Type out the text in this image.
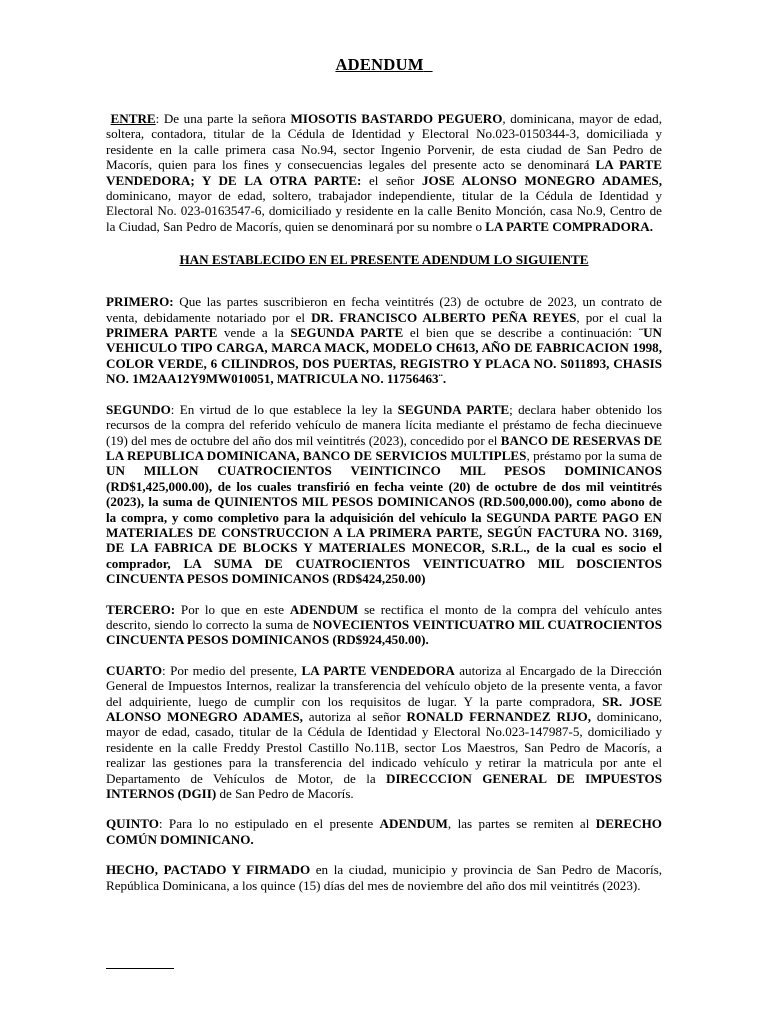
ADENDUM

ENTRE: De una parte la señora MIOSOTIS BASTARDO PEGUERO, dominicana, mayor de edad, soltera, contadora, titular de la Cédula de Identidad y Electoral No.023-0150344-3, domiciliada y residente en la calle primera casa No.94, sector Ingenio Porvenir, de esta ciudad de San Pedro de Macorís, quien para los fines y consecuencias legales del presente acto se denominará LA PARTE VENDEDORA; Y DE LA OTRA PARTE: el señor JOSE ALONSO MONEGRO ADAMES, dominicano, mayor de edad, soltero, trabajador independiente, titular de la Cédula de Identidad y Electoral No. 023-0163547-6, domiciliado y residente en la calle Benito Monción, casa No.9, Centro de la Ciudad, San Pedro de Macorís, quien se denominará por su nombre o LA PARTE COMPRADORA.

HAN ESTABLECIDO EN EL PRESENTE ADENDUM LO SIGUIENTE

PRIMERO: Que las partes suscribieron en fecha veintitrés (23) de octubre de 2023, un contrato de venta, debidamente notariado por el DR. FRANCISCO ALBERTO PEÑA REYES, por el cual la PRIMERA PARTE vende a la SEGUNDA PARTE el bien que se describe a continuación: ¨UN VEHICULO TIPO CARGA, MARCA MACK, MODELO CH613, AÑO DE FABRICACION 1998, COLOR VERDE, 6 CILINDROS, DOS PUERTAS, REGISTRO Y PLACA NO. S011893, CHASIS NO. 1M2AA12Y9MW010051, MATRICULA NO. 11756463¨.

SEGUNDO: En virtud de lo que establece la ley la SEGUNDA PARTE; declara haber obtenido los recursos de la compra del referido vehículo de manera lícita mediante el préstamo de fecha diecinueve (19) del mes de octubre del año dos mil veintitrés (2023), concedido por el BANCO DE RESERVAS DE LA REPUBLICA DOMINICANA, BANCO DE SERVICIOS MULTIPLES, préstamo por la suma de UN MILLON CUATROCIENTOS VEINTICINCO MIL PESOS DOMINICANOS (RD$1,425,000.00), de los cuales transfirió en fecha veinte (20) de octubre de dos mil veintitrés (2023), la suma de QUINIENTOS MIL PESOS DOMINICANOS (RD.500,000.00), como abono de la compra, y como completivo para la adquisición del vehículo la SEGUNDA PARTE PAGO EN MATERIALES DE CONSTRUCCION A LA PRIMERA PARTE, SEGÚN FACTURA NO. 3169, DE LA FABRICA DE BLOCKS Y MATERIALES MONECOR, S.R.L., de la cual es socio el comprador, LA SUMA DE CUATROCIENTOS VEINTICUATRO MIL DOSCIENTOS CINCUENTA PESOS DOMINICANOS (RD$424,250.00)

TERCERO: Por lo que en este ADENDUM se rectifica el monto de la compra del vehículo antes descrito, siendo lo correcto la suma de NOVECIENTOS VEINTICUATRO MIL CUATROCIENTOS CINCUENTA PESOS DOMINICANOS (RD$924,450.00).

CUARTO: Por medio del presente, LA PARTE VENDEDORA autoriza al Encargado de la Dirección General de Impuestos Internos, realizar la transferencia del vehículo objeto de la presente venta, a favor del adquiriente, luego de cumplir con los requisitos de lugar. Y la parte compradora, SR. JOSE ALONSO MONEGRO ADAMES, autoriza al señor RONALD FERNANDEZ RIJO, dominicano, mayor de edad, casado, titular de la Cédula de Identidad y Electoral No.023-147987-5, domiciliado y residente en la calle Freddy Prestol Castillo No.11B, sector Los Maestros, San Pedro de Macorís, a realizar las gestiones para la transferencia del indicado vehículo y retirar la matricula por ante el Departamento de Vehículos de Motor, de la DIRECCCION GENERAL DE IMPUESTOS INTERNOS (DGII) de San Pedro de Macorís.

QUINTO: Para lo no estipulado en el presente ADENDUM, las partes se remiten al DERECHO COMÚN DOMINICANO.

HECHO, PACTADO Y FIRMADO en la ciudad, municipio y provincia de San Pedro de Macorís, República Dominicana, a los quince (15) días del mes de noviembre del año dos mil veintitrés (2023).
